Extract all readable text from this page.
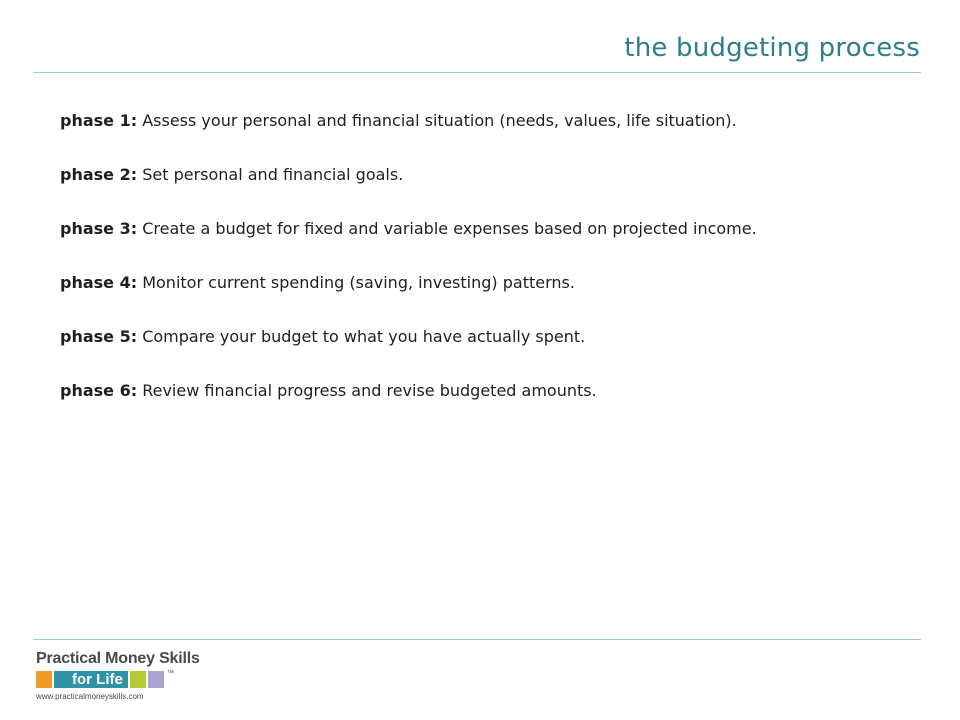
the budgeting process
phase 1: Assess your personal and financial situation (needs, values, life situation).
phase 2: Set personal and financial goals.
phase 3: Create a budget for fixed and variable expenses based on projected income.
phase 4: Monitor current spending (saving, investing) patterns.
phase 5: Compare your budget to what you have actually spent.
phase 6: Review financial progress and revise budgeted amounts.
Practical Money Skills
for Life	™
www.practicalmoneyskills.com
